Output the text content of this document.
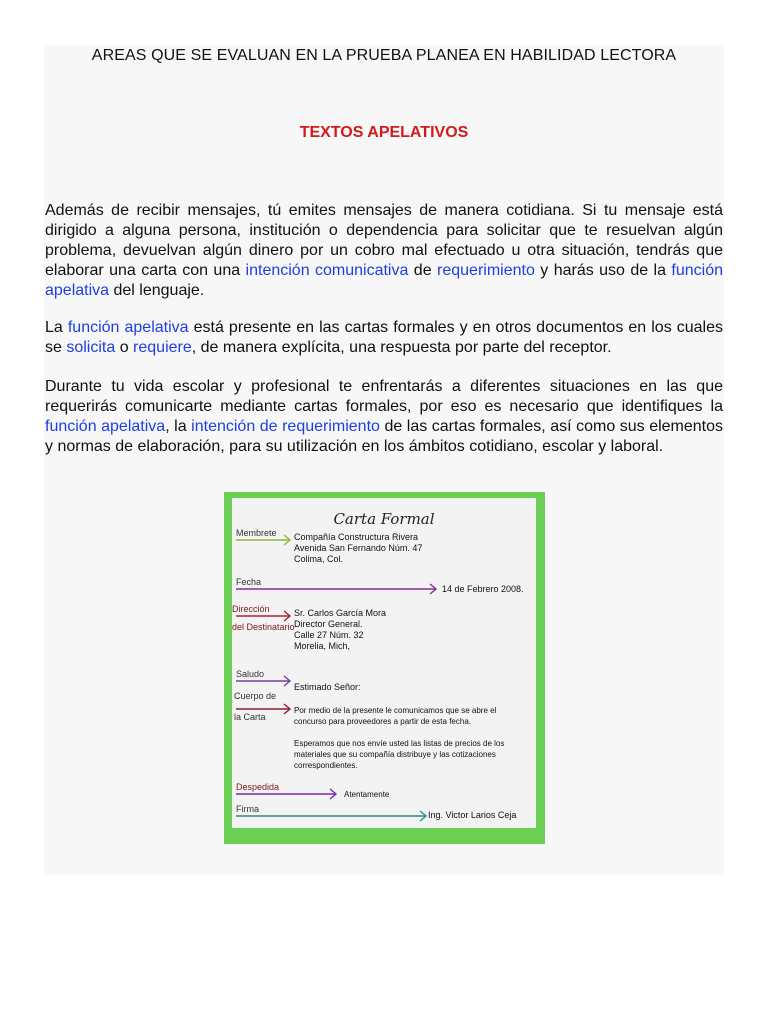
AREAS QUE SE EVALUAN EN LA PRUEBA PLANEA EN HABILIDAD LECTORA
TEXTOS APELATIVOS
Además de recibir mensajes, tú emites mensajes de manera cotidiana. Si tu mensaje está dirigido a alguna persona, institución o dependencia para solicitar que te resuelvan algún problema, devuelvan algún dinero por un cobro mal efectuado u otra situación, tendrás que elaborar una carta con una intención comunicativa de requerimiento y harás uso de la función apelativa del lenguaje.
La función apelativa está presente en las cartas formales y en otros documentos en los cuales se solicita o requiere, de manera explícita, una respuesta por parte del receptor.
Durante tu vida escolar y profesional te enfrentarás a diferentes situaciones en las que requerirás comunicarte mediante cartas formales, por eso es necesario que identifiques la función apelativa, la intención de requerimiento de las cartas formales, así como sus elementos y normas de elaboración, para su utilización en los ámbitos cotidiano, escolar y laboral.
Carta Formal
Membrete
Fecha
Dirección
del Destinatario
Saludo
Cuerpo de
la Carta
Despedida
Firma
Compañía Constructura Rivera
Avenida San Fernando Núm. 47
Colima, Col.
14 de Febrero 2008.
Sr. Carlos García Mora
Director General.
Calle 27 Núm. 32
Morelia, Mich,
Estimado Señor:
Por medio de la presente le comunicamos que se abre el
concurso para proveedores a partir de esta fecha.
Esperamos que nos envíe usted las listas de precios de los
materiales que su compañía distribuye y las cotizaciones
correspondientes.
Atentamente
Ing. Victor Larios Ceja
